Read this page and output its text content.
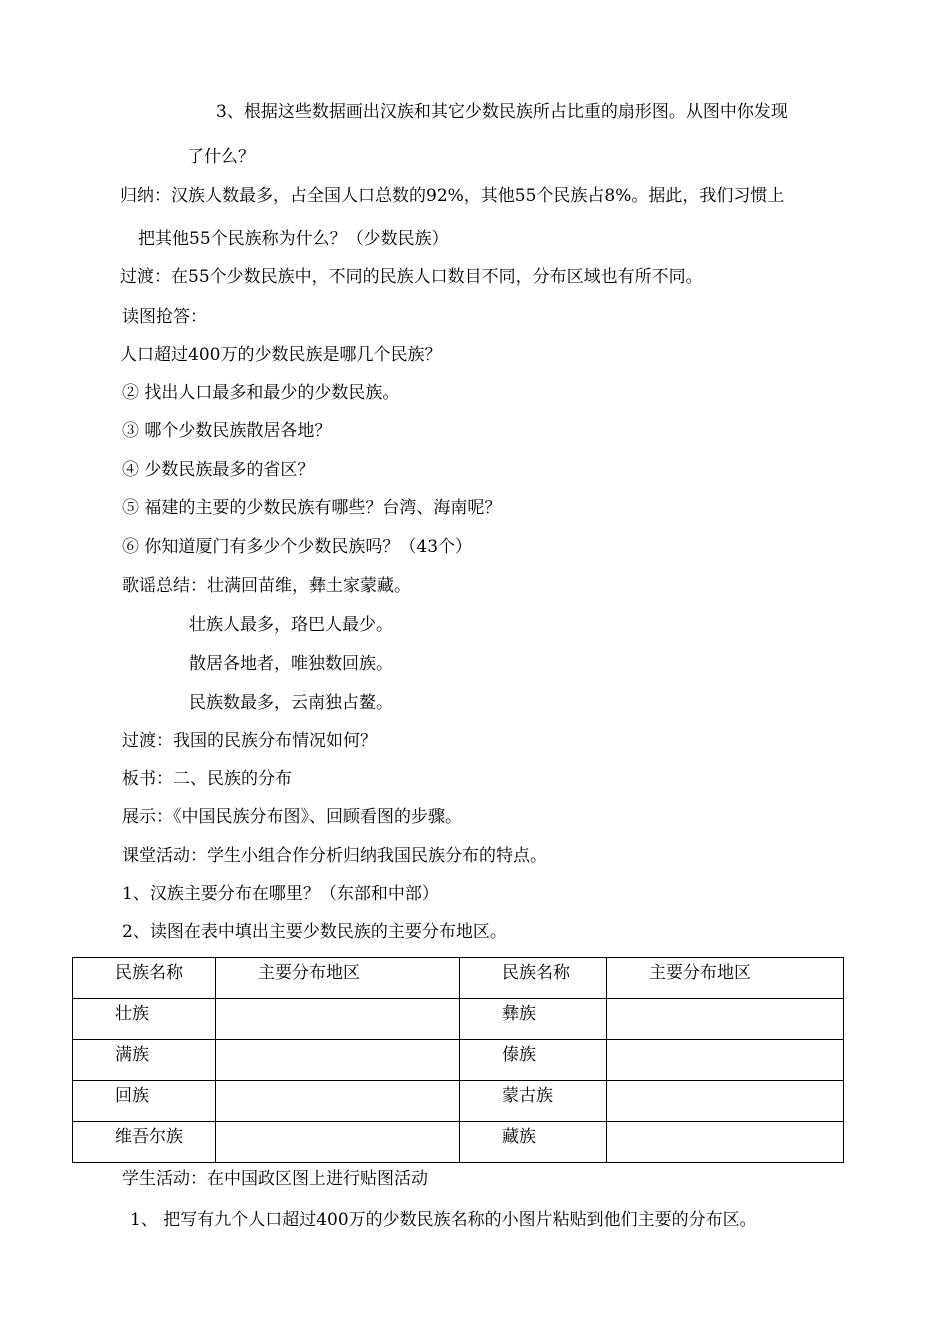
3、根据这些数据画出汉族和其它少数民族所占比重的扇形图。从图中你发现
了什么？
归纳：汉族人数最多，占全国人口总数的92%，其他55个民族占8%。据此，我们习惯上
把其他55个民族称为什么？（少数民族）
过渡：在55个少数民族中，不同的民族人口数目不同，分布区域也有所不同。
读图抢答：
人口超过400万的少数民族是哪几个民族？
② 找出人口最多和最少的少数民族。
③ 哪个少数民族散居各地？
④ 少数民族最多的省区？
⑤ 福建的主要的少数民族有哪些？台湾、海南呢？
⑥ 你知道厦门有多少个少数民族吗？（43个）
歌谣总结：壮满回苗维，彝土家蒙藏。
壮族人最多，珞巴人最少。
散居各地者，唯独数回族。
民族数最多，云南独占鳌。
过渡：我国的民族分布情况如何？
板书：二、民族的分布
展示：《中国民族分布图》、回顾看图的步骤。
课堂活动：学生小组合作分析归纳我国民族分布的特点。
1、汉族主要分布在哪里？（东部和中部）
2、读图在表中填出主要少数民族的主要分布地区。
民族名称	主要分布地区	民族名称	主要分布地区
壮族		彝族	
满族		傣族	
回族		蒙古族	
维吾尔族		藏族	
学生活动：在中国政区图上进行贴图活动
1、 把写有九个人口超过400万的少数民族名称的小图片粘贴到他们主要的分布区。
